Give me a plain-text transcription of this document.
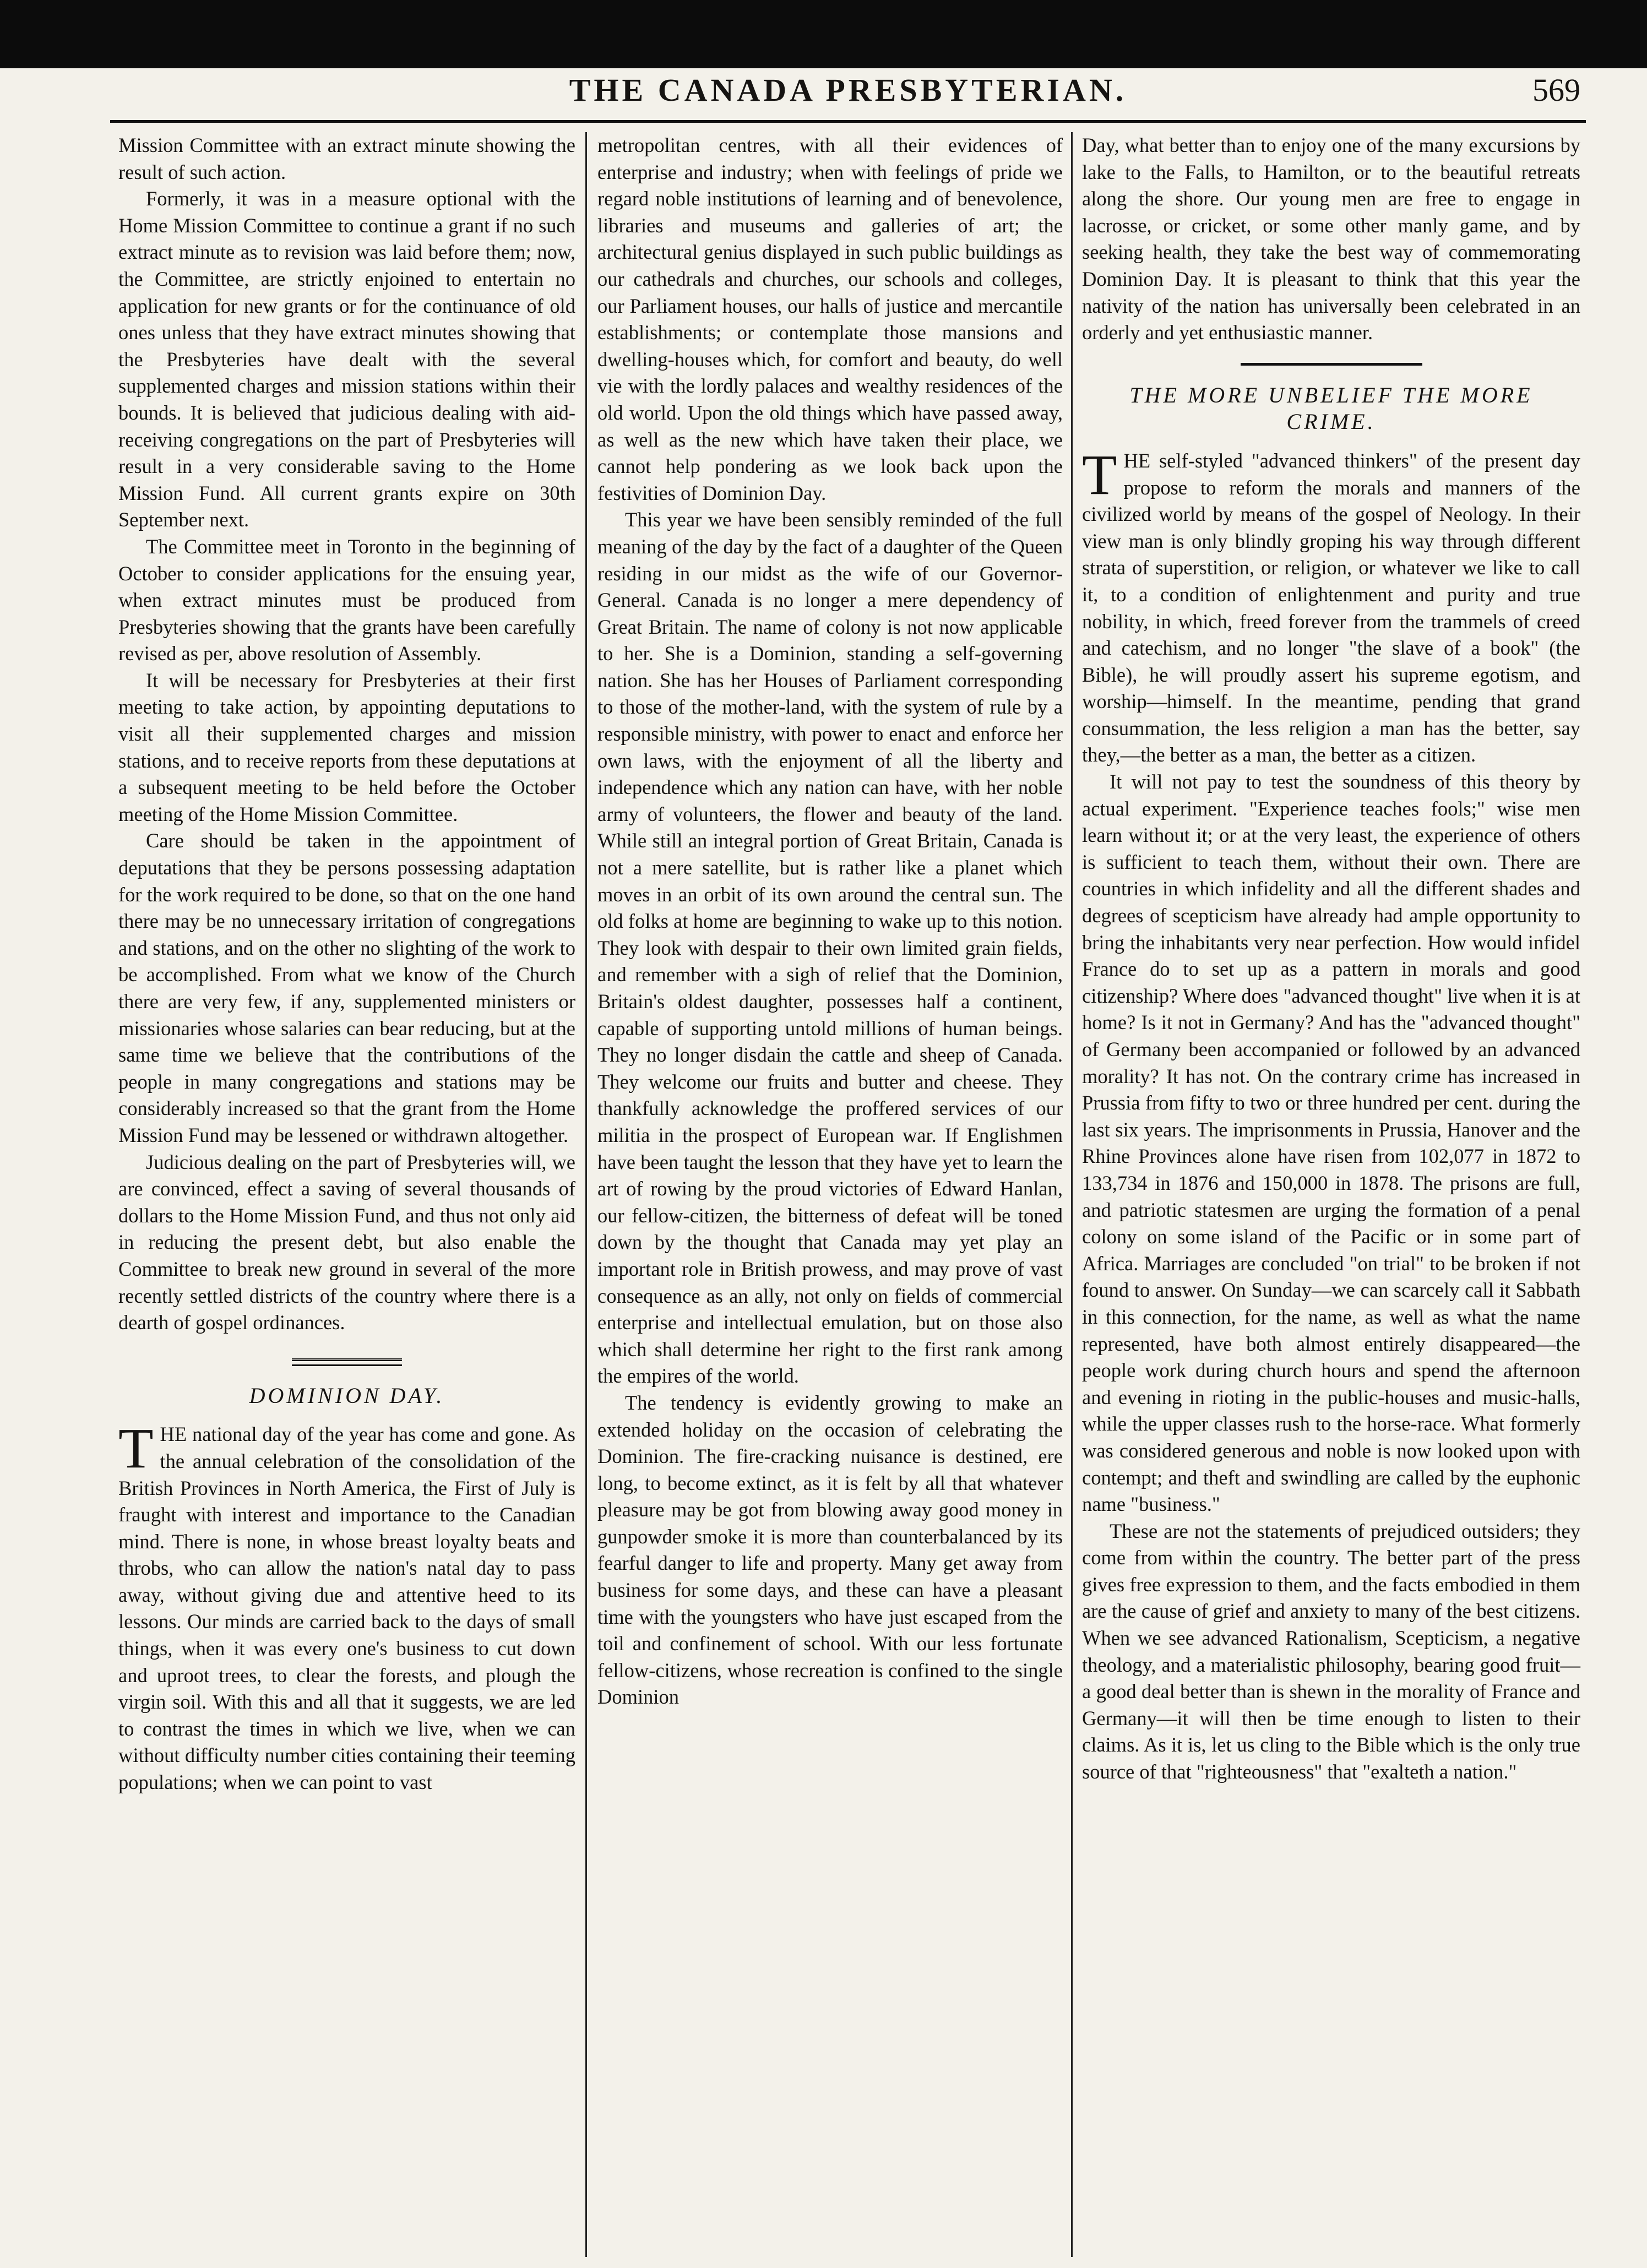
THE CANADA PRESBYTERIAN.	569

Mission Committee with an extract minute showing the result of such action.

Formerly, it was in a measure optional with the Home Mission Committee to continue a grant if no such extract minute as to revision was laid before them; now, the Committee, are strictly enjoined to entertain no application for new grants or for the continuance of old ones unless that they have extract minutes showing that the Presbyteries have dealt with the several supplemented charges and mission stations within their bounds. It is believed that judicious dealing with aid-receiving congregations on the part of Presbyteries will result in a very considerable saving to the Home Mission Fund. All current grants expire on 30th September next.

The Committee meet in Toronto in the beginning of October to consider applications for the ensuing year, when extract minutes must be produced from Presbyteries showing that the grants have been carefully revised as per, above resolution of Assembly.

It will be necessary for Presbyteries at their first meeting to take action, by appointing deputations to visit all their supplemented charges and mission stations, and to receive reports from these deputations at a subsequent meeting to be held before the October meeting of the Home Mission Committee.

Care should be taken in the appointment of deputations that they be persons possessing adaptation for the work required to be done, so that on the one hand there may be no unnecessary irritation of congregations and stations, and on the other no slighting of the work to be accomplished. From what we know of the Church there are very few, if any, supplemented ministers or missionaries whose salaries can bear reducing, but at the same time we believe that the contributions of the people in many congregations and stations may be considerably increased so that the grant from the Home Mission Fund may be lessened or withdrawn altogether.

Judicious dealing on the part of Presbyteries will, we are convinced, effect a saving of several thousands of dollars to the Home Mission Fund, and thus not only aid in reducing the present debt, but also enable the Committee to break new ground in several of the more recently settled districts of the country where there is a dearth of gospel ordinances.

DOMINION DAY.

THE national day of the year has come and gone. As the annual celebration of the consolidation of the British Provinces in North America, the First of July is fraught with interest and importance to the Canadian mind. There is none, in whose breast loyalty beats and throbs, who can allow the nation's natal day to pass away, without giving due and attentive heed to its lessons. Our minds are carried back to the days of small things, when it was every one's business to cut down and uproot trees, to clear the forests, and plough the virgin soil. With this and all that it suggests, we are led to contrast the times in which we live, when we can without difficulty number cities containing their teeming populations; when we can point to vast

metropolitan centres, with all their evidences of enterprise and industry; when with feelings of pride we regard noble institutions of learning and of benevolence, libraries and museums and galleries of art; the architectural genius displayed in such public buildings as our cathedrals and churches, our schools and colleges, our Parliament houses, our halls of justice and mercantile establishments; or contemplate those mansions and dwelling-houses which, for comfort and beauty, do well vie with the lordly palaces and wealthy residences of the old world. Upon the old things which have passed away, as well as the new which have taken their place, we cannot help pondering as we look back upon the festivities of Dominion Day.

This year we have been sensibly reminded of the full meaning of the day by the fact of a daughter of the Queen residing in our midst as the wife of our Governor-General. Canada is no longer a mere dependency of Great Britain. The name of colony is not now applicable to her. She is a Dominion, standing a self-governing nation. She has her Houses of Parliament corresponding to those of the mother-land, with the system of rule by a responsible ministry, with power to enact and enforce her own laws, with the enjoyment of all the liberty and independence which any nation can have, with her noble army of volunteers, the flower and beauty of the land. While still an integral portion of Great Britain, Canada is not a mere satellite, but is rather like a planet which moves in an orbit of its own around the central sun. The old folks at home are beginning to wake up to this notion. They look with despair to their own limited grain fields, and remember with a sigh of relief that the Dominion, Britain's oldest daughter, possesses half a continent, capable of supporting untold millions of human beings. They no longer disdain the cattle and sheep of Canada. They welcome our fruits and butter and cheese. They thankfully acknowledge the proffered services of our militia in the prospect of European war. If Englishmen have been taught the lesson that they have yet to learn the art of rowing by the proud victories of Edward Hanlan, our fellow-citizen, the bitterness of defeat will be toned down by the thought that Canada may yet play an important role in British prowess, and may prove of vast consequence as an ally, not only on fields of commercial enterprise and intellectual emulation, but on those also which shall determine her right to the first rank among the empires of the world.

The tendency is evidently growing to make an extended holiday on the occasion of celebrating the Dominion. The fire-cracking nuisance is destined, ere long, to become extinct, as it is felt by all that whatever pleasure may be got from blowing away good money in gunpowder smoke it is more than counterbalanced by its fearful danger to life and property. Many get away from business for some days, and these can have a pleasant time with the youngsters who have just escaped from the toil and confinement of school. With our less fortunate fellow-citizens, whose recreation is confined to the single Dominion

Day, what better than to enjoy one of the many excursions by lake to the Falls, to Hamilton, or to the beautiful retreats along the shore. Our young men are free to engage in lacrosse, or cricket, or some other manly game, and by seeking health, they take the best way of commemorating Dominion Day. It is pleasant to think that this year the nativity of the nation has universally been celebrated in an orderly and yet enthusiastic manner.

THE MORE UNBELIEF THE MORE CRIME.

THE self-styled "advanced thinkers" of the present day propose to reform the morals and manners of the civilized world by means of the gospel of Neology. In their view man is only blindly groping his way through different strata of superstition, or religion, or whatever we like to call it, to a condition of enlightenment and purity and true nobility, in which, freed forever from the trammels of creed and catechism, and no longer "the slave of a book" (the Bible), he will proudly assert his supreme egotism, and worship—himself. In the meantime, pending that grand consummation, the less religion a man has the better, say they,—the better as a man, the better as a citizen.

It will not pay to test the soundness of this theory by actual experiment. "Experience teaches fools;" wise men learn without it; or at the very least, the experience of others is sufficient to teach them, without their own. There are countries in which infidelity and all the different shades and degrees of scepticism have already had ample opportunity to bring the inhabitants very near perfection. How would infidel France do to set up as a pattern in morals and good citizenship? Where does "advanced thought" live when it is at home? Is it not in Germany? And has the "advanced thought" of Germany been accompanied or followed by an advanced morality? It has not. On the contrary crime has increased in Prussia from fifty to two or three hundred per cent. during the last six years. The imprisonments in Prussia, Hanover and the Rhine Provinces alone have risen from 102,077 in 1872 to 133,734 in 1876 and 150,000 in 1878. The prisons are full, and patriotic statesmen are urging the formation of a penal colony on some island of the Pacific or in some part of Africa. Marriages are concluded "on trial" to be broken if not found to answer. On Sunday—we can scarcely call it Sabbath in this connection, for the name, as well as what the name represented, have both almost entirely disappeared—the people work during church hours and spend the afternoon and evening in rioting in the public-houses and music-halls, while the upper classes rush to the horse-race. What formerly was considered generous and noble is now looked upon with contempt; and theft and swindling are called by the euphonic name "business."

These are not the statements of prejudiced outsiders; they come from within the country. The better part of the press gives free expression to them, and the facts embodied in them are the cause of grief and anxiety to many of the best citizens. When we see advanced Rationalism, Scepticism, a negative theology, and a materialistic philosophy, bearing good fruit—a good deal better than is shewn in the morality of France and Germany—it will then be time enough to listen to their claims. As it is, let us cling to the Bible which is the only true source of that "righteousness" that "exalteth a nation."
